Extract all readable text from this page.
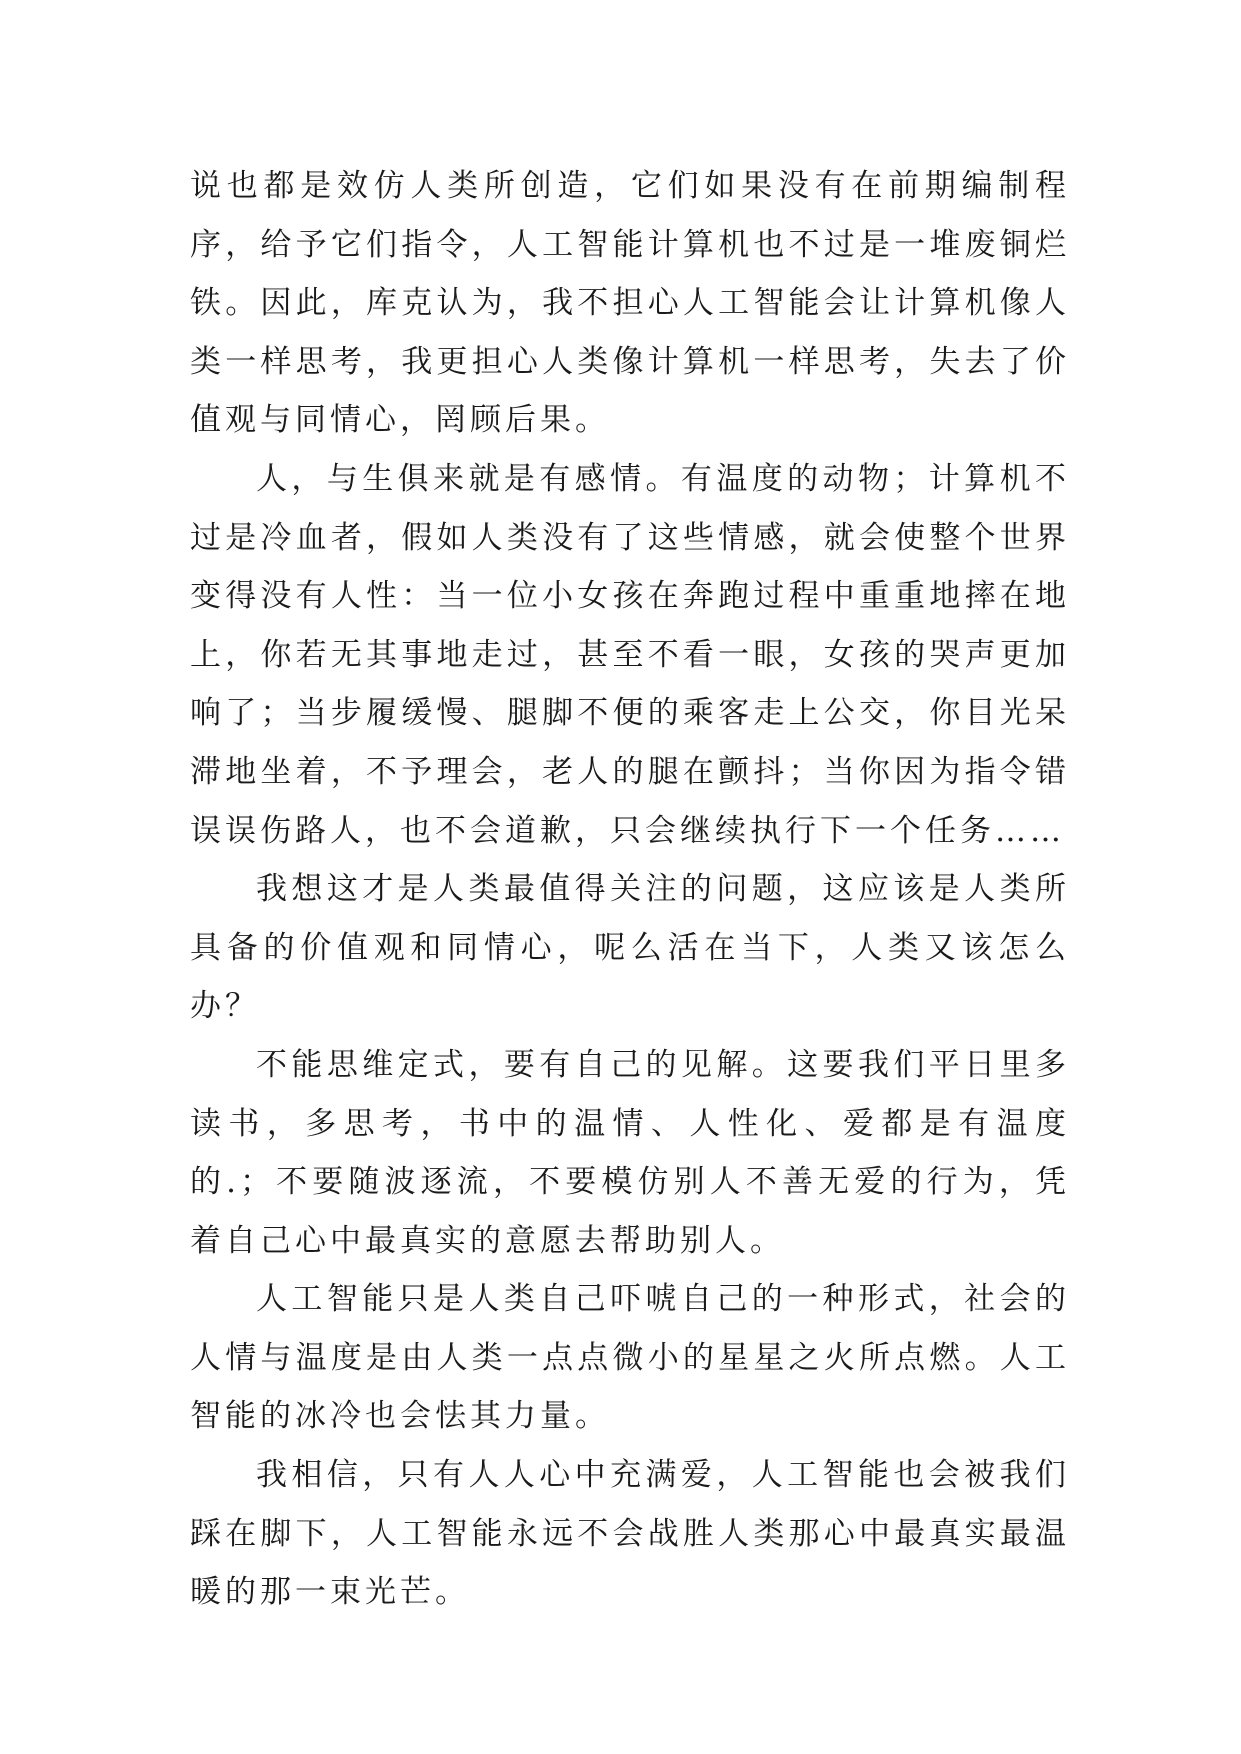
说也都是效仿人类所创造，它们如果没有在前期编制程序，给予它们指令，人工智能计算机也不过是一堆废铜烂铁。因此，库克认为，我不担心人工智能会让计算机像人类一样思考，我更担心人类像计算机一样思考，失去了价值观与同情心，罔顾后果。

人，与生俱来就是有感情。有温度的动物；计算机不过是冷血者，假如人类没有了这些情感，就会使整个世界变得没有人性：当一位小女孩在奔跑过程中重重地摔在地上，你若无其事地走过，甚至不看一眼，女孩的哭声更加响了；当步履缓慢、腿脚不便的乘客走上公交，你目光呆滞地坐着，不予理会，老人的腿在颤抖；当你因为指令错误误伤路人，也不会道歉，只会继续执行下一个任务……

我想这才是人类最值得关注的问题，这应该是人类所具备的价值观和同情心，呢么活在当下，人类又该怎么办？

不能思维定式，要有自己的见解。这要我们平日里多读书，多思考，书中的温情、人性化、爱都是有温度的.；不要随波逐流，不要模仿别人不善无爱的行为，凭着自己心中最真实的意愿去帮助别人。

人工智能只是人类自己吓唬自己的一种形式，社会的人情与温度是由人类一点点微小的星星之火所点燃。人工智能的冰冷也会怯其力量。

我相信，只有人人心中充满爱，人工智能也会被我们踩在脚下，人工智能永远不会战胜人类那心中最真实最温暖的那一束光芒。
